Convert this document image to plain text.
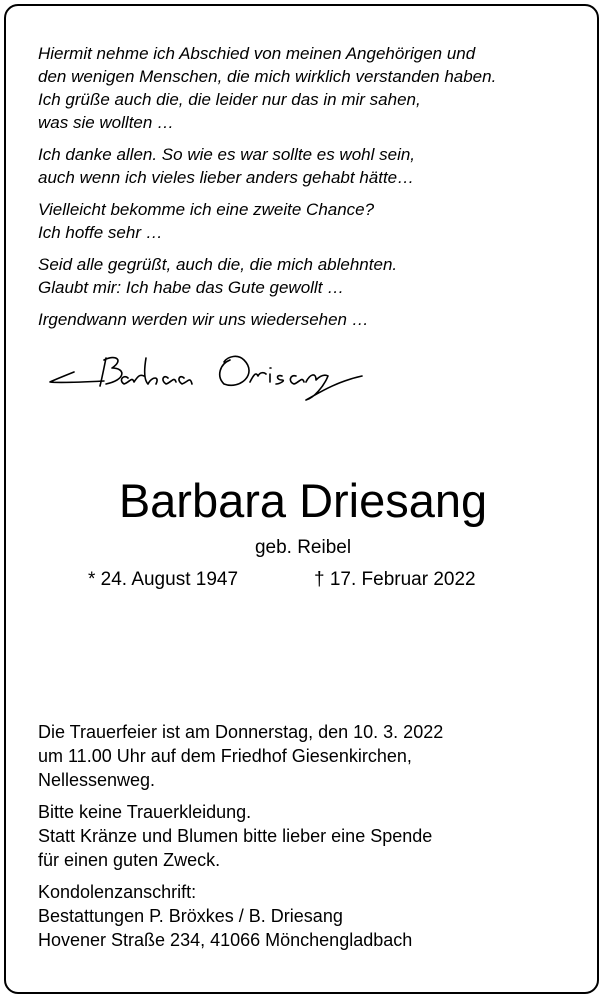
Hiermit nehme ich Abschied von meinen Angehörigen und
den wenigen Menschen, die mich wirklich verstanden haben.
Ich grüße auch die, die leider nur das in mir sahen,
was sie wollten …

Ich danke allen. So wie es war sollte es wohl sein,
auch wenn ich vieles lieber anders gehabt hätte…

Vielleicht bekomme ich eine zweite Chance?
Ich hoffe sehr …

Seid alle gegrüßt, auch die, die mich ablehnten.
Glaubt mir: Ich habe das Gute gewollt …

Irgendwann werden wir uns wiedersehen …

Barbara Driesang
geb. Reibel
* 24. August 1947	† 17. Februar 2022

Die Trauerfeier ist am Donnerstag, den 10. 3. 2022
um 11.00 Uhr auf dem Friedhof Giesenkirchen,
Nellessenweg.

Bitte keine Trauerkleidung.
Statt Kränze und Blumen bitte lieber eine Spende
für einen guten Zweck.

Kondolenzanschrift:
Bestattungen P. Bröxkes / B. Driesang
Hovener Straße 234, 41066 Mönchengladbach
